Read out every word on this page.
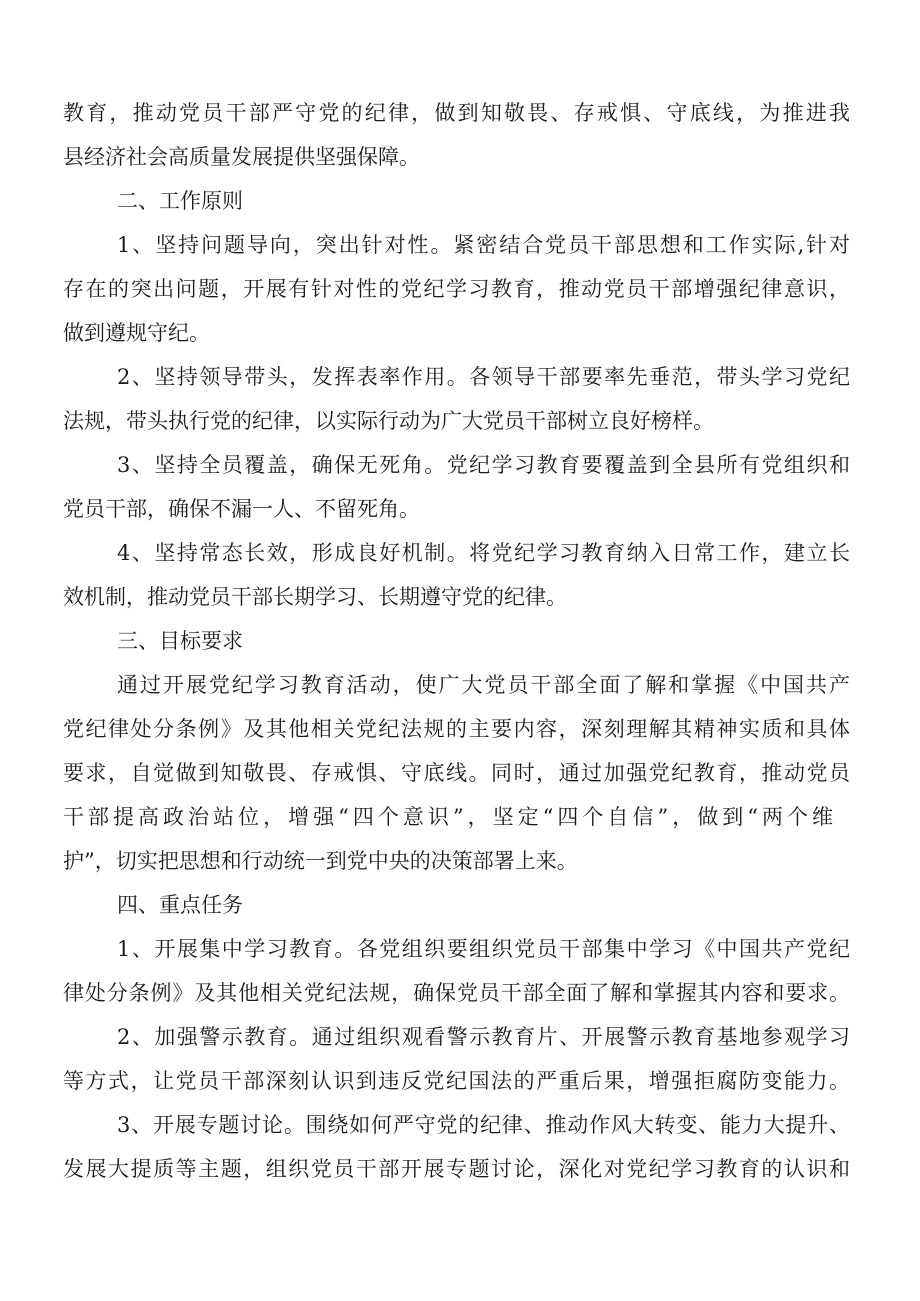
教育，推动党员干部严守党的纪律，做到知敬畏、存戒惧、守底线，为推进我
县经济社会高质量发展提供坚强保障。
二、工作原则
1、坚持问题导向，突出针对性。紧密结合党员干部思想和工作实际,针对
存在的突出问题，开展有针对性的党纪学习教育，推动党员干部增强纪律意识，
做到遵规守纪。
2、坚持领导带头，发挥表率作用。各领导干部要率先垂范，带头学习党纪
法规，带头执行党的纪律，以实际行动为广大党员干部树立良好榜样。
3、坚持全员覆盖，确保无死角。党纪学习教育要覆盖到全县所有党组织和
党员干部，确保不漏一人、不留死角。
4、坚持常态长效，形成良好机制。将党纪学习教育纳入日常工作，建立长
效机制，推动党员干部长期学习、长期遵守党的纪律。
三、目标要求
通过开展党纪学习教育活动，使广大党员干部全面了解和掌握《中国共产
党纪律处分条例》及其他相关党纪法规的主要内容，深刻理解其精神实质和具体
要求，自觉做到知敬畏、存戒惧、守底线。同时，通过加强党纪教育，推动党员
干部提高政治站位，增强“四个意识”，坚定“四个自信”，做到“两个维
护”，切实把思想和行动统一到党中央的决策部署上来。
四、重点任务
1、开展集中学习教育。各党组织要组织党员干部集中学习《中国共产党纪
律处分条例》及其他相关党纪法规，确保党员干部全面了解和掌握其内容和要求。
2、加强警示教育。通过组织观看警示教育片、开展警示教育基地参观学习
等方式，让党员干部深刻认识到违反党纪国法的严重后果，增强拒腐防变能力。
3、开展专题讨论。围绕如何严守党的纪律、推动作风大转变、能力大提升、
发展大提质等主题，组织党员干部开展专题讨论，深化对党纪学习教育的认识和
